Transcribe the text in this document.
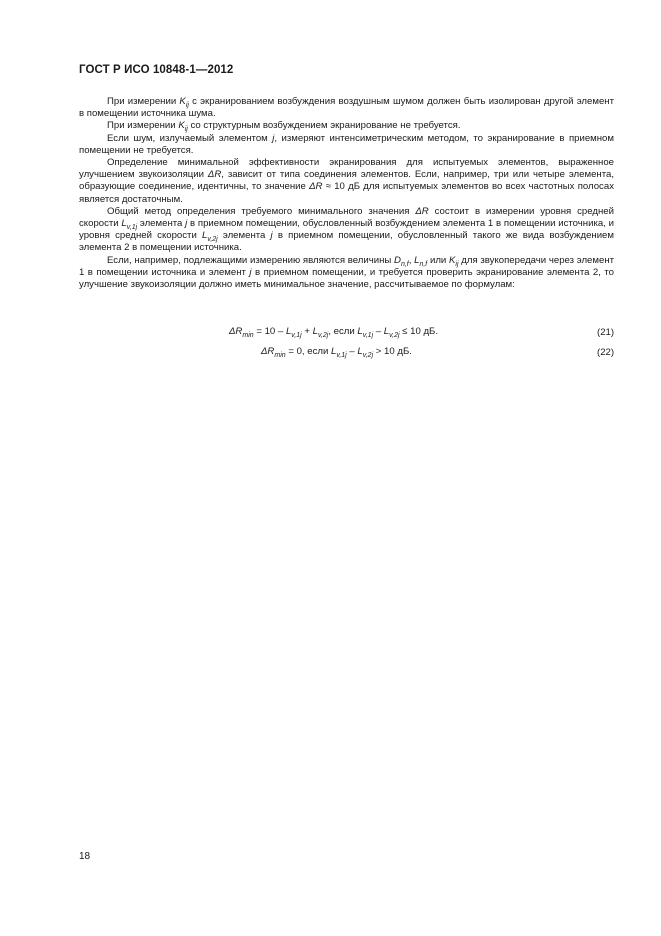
ГОСТ Р ИСО 10848-1—2012

При измерении $K_{ij}$ с экранированием возбуждения воздушным шумом должен быть изолирован другой элемент в помещении источника шума.

При измерении $K_{ij}$ со структурным возбуждением экранирование не требуется.

Если шум, излучаемый элементом j, измеряют интенсиметрическим методом, то экранирование в приемном помещении не требуется.

Определение минимальной эффективности экранирования для испытуемых элементов, выраженное улучшением звукоизоляции ΔR, зависит от типа соединения элементов. Если, например, три или четыре элемента, образующие соединение, идентичны, то значение ΔR ≈ 10 дБ для испытуемых элементов во всех частотных полосах является достаточным.

Общий метод определения требуемого минимального значения ΔR состоит в измерении уровня средней скорости $L_{v,1j}$ элемента j в приемном помещении, обусловленный возбуждением элемента 1 в помещении источника, и уровня средней скорости $L_{v,2j}$ элемента j в приемном помещении, обусловленный такого же вида возбуждением элемента 2 в помещении источника.

Если, например, подлежащими измерению являются величины $D_{n,f}$, $L_{n,f}$ или $K_{ij}$ для звукопередачи через элемент 1 в помещении источника и элемент j в приемном помещении, и требуется проверить экранирование элемента 2, то улучшение звукоизоляции должно иметь минимальное значение, рассчитываемое по формулам:

$\Delta R_{min} = 10 - L_{v,1j} + L_{v,2j}$, если $L_{v,1j} - L_{v,2j} \le 10$ дБ.	(21)
$\Delta R_{min} = 0$, если $L_{v,1j} - L_{v,2j} > 10$ дБ.	(22)
18
